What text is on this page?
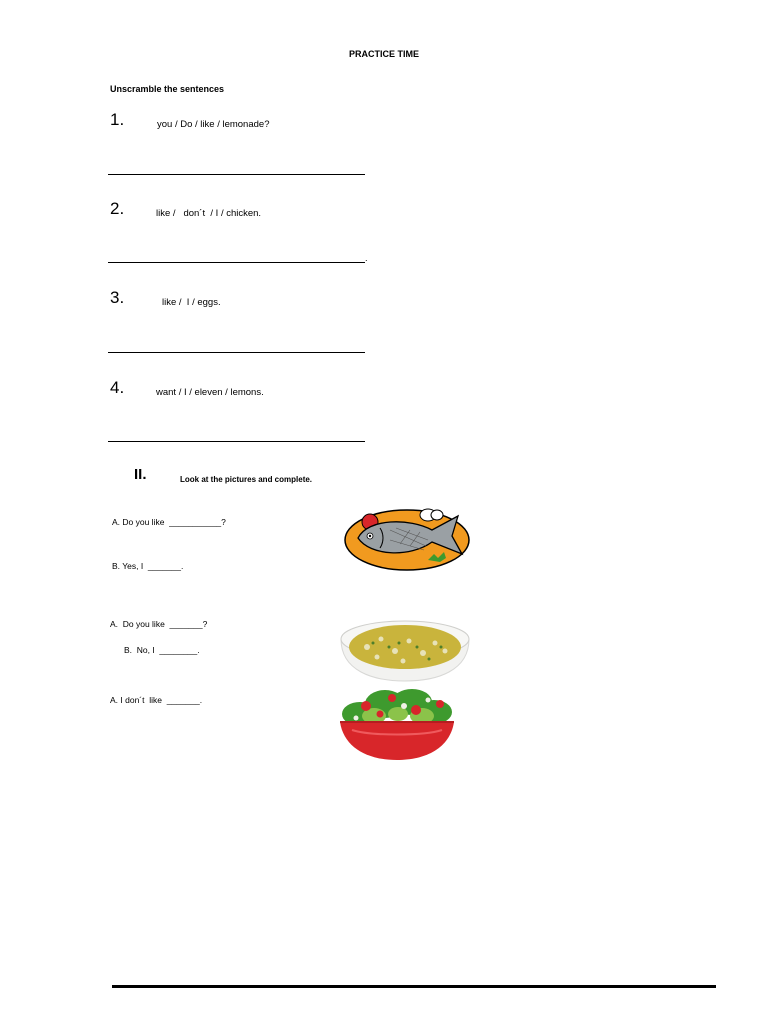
PRACTICE TIME
Unscramble the sentences
1.	you / Do / like / lemonade?
2.	like /   don´t  / I / chicken.
.
3.	like /  I / eggs.
4.	want / I / eleven / lemons.
II.	Look at the pictures and complete.
A. Do you like  ___________?
B. Yes, I  _______.
A.  Do you like  _______?
B.  No, I  ________.
A. I don´t  like  _______.
